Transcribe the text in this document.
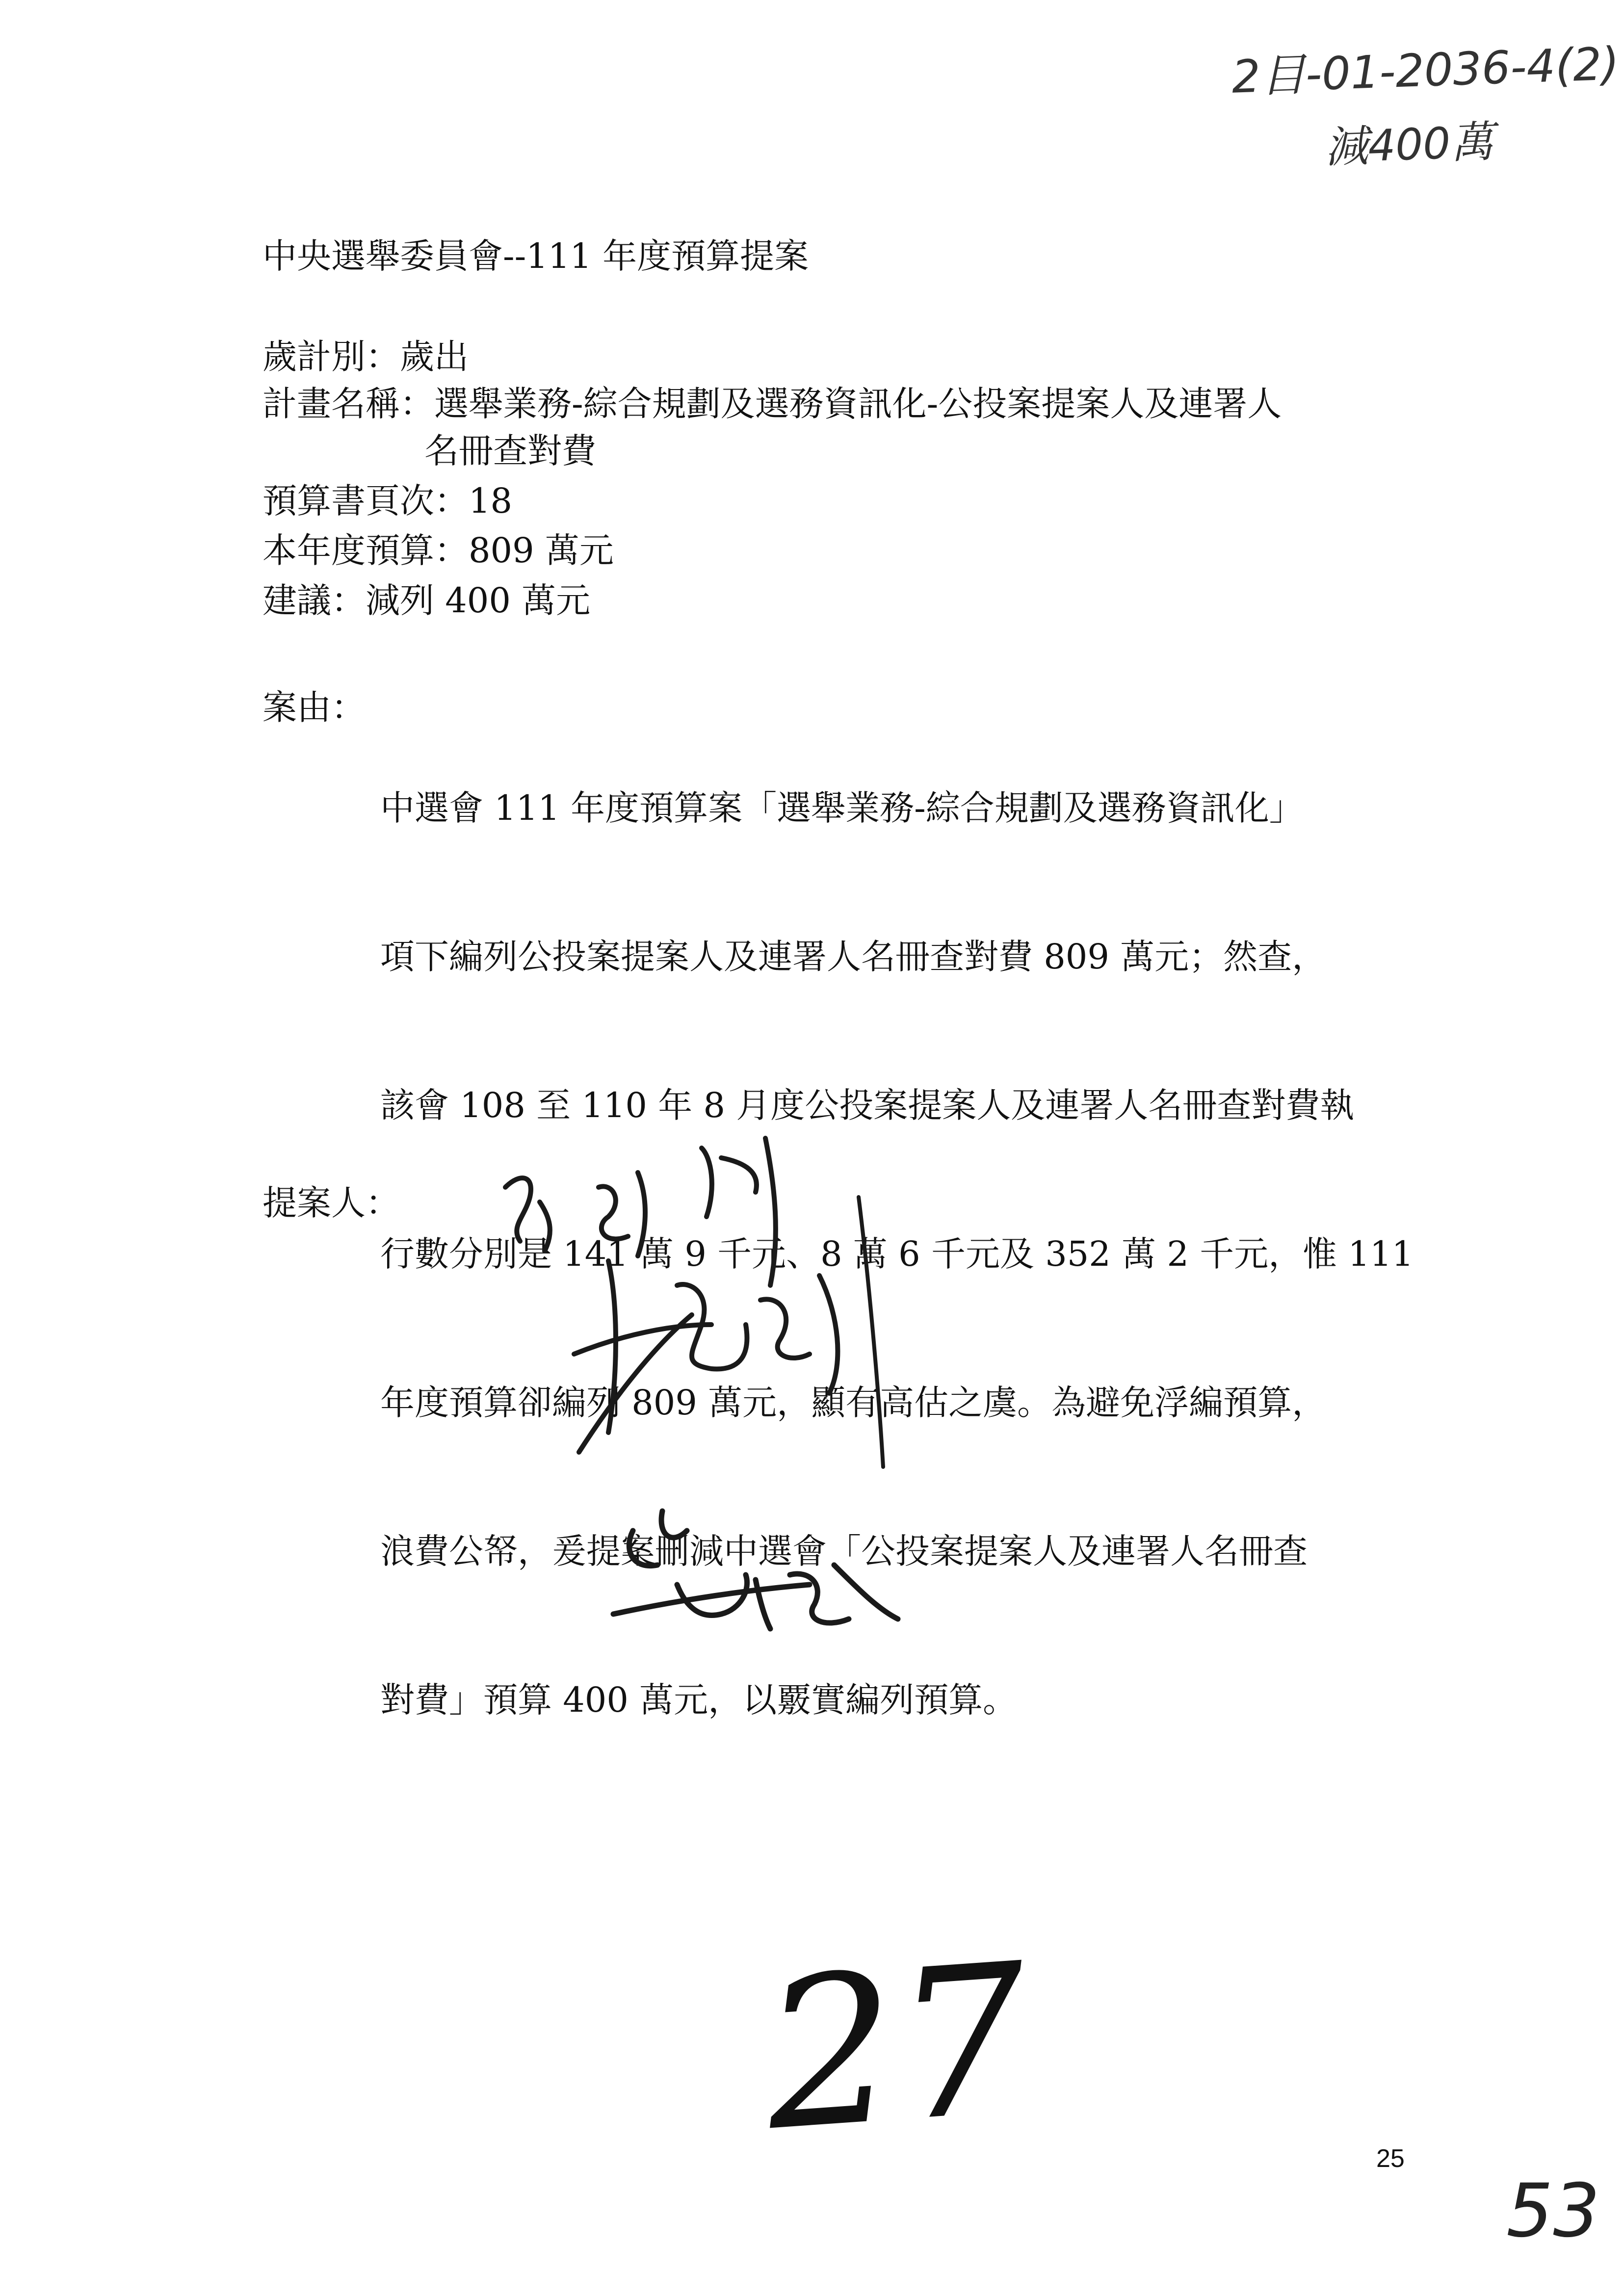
2目-01-2036-4(2)
減400萬
中央選舉委員會--111 年度預算提案
歲計別：歲出
計畫名稱：選舉業務-綜合規劃及選務資訊化-公投案提案人及連署人
名冊查對費
預算書頁次：18
本年度預算：809 萬元
建議：減列 400 萬元
案由：

中選會 111 年度預算案「選舉業務-綜合規劃及選務資訊化」

項下編列公投案提案人及連署人名冊查對費 809 萬元；然查，

該會 108 至 110 年 8 月度公投案提案人及連署人名冊查對費執

行數分別是 141 萬 9 千元、8 萬 6 千元及 352 萬 2 千元，惟 111

年度預算卻編列 809 萬元，顯有高估之虞。為避免浮編預算，

浪費公帑，爰提案刪減中選會「公投案提案人及連署人名冊查

對費」預算 400 萬元，以覈實編列預算。

提案人：
27	25
53
